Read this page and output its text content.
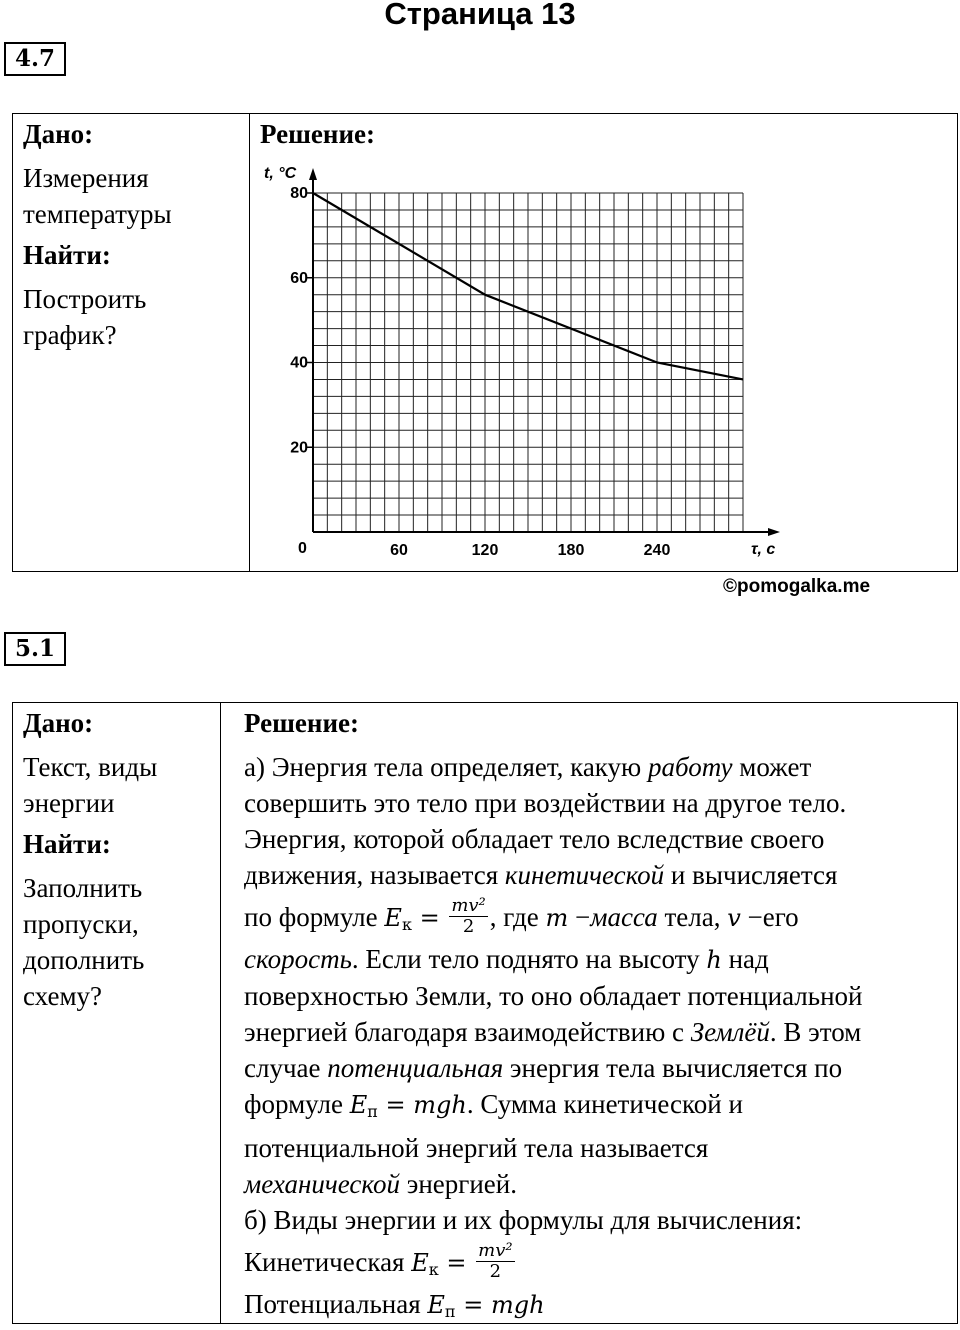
Страница 13
4.7
Дано:
Измерения
температуры
Найти:
Построить
график?
Решение:
60	120	180	240
20
40
60
80
t, °C
τ, с
0
©pomogalka.me
5.1
Дано:
Текст, виды
энергии
Найти:
Заполнить
пропуски,
дополнить
схему?
Решение:

а) Энергия тела определяет, какую работу может

совершить это тело при воздействии на другое тело.

Энергия, которой обладает тело вследствие своего

движения, называется кинетической и вычисляется

по формуле $E_к = \frac{\text{mv²}}{2}$ , где m −масса тела, v −его

скорость. Если тело поднято на высоту h над

поверхностью Земли, то оно обладает потенциальной

энергией благодаря взаимодействию с Землёй. В этом

случае потенциальная энергия тела вычисляется по

формуле $E_п$ = mgh. Сумма кинетической и

потенциальной энергий тела называется

механической энергией.

б) Виды энергии и их формулы для вычисления:

Кинетическая $E_к = \frac{\text{mv²}}{2}$

Потенциальная $E_п$ = mgh
